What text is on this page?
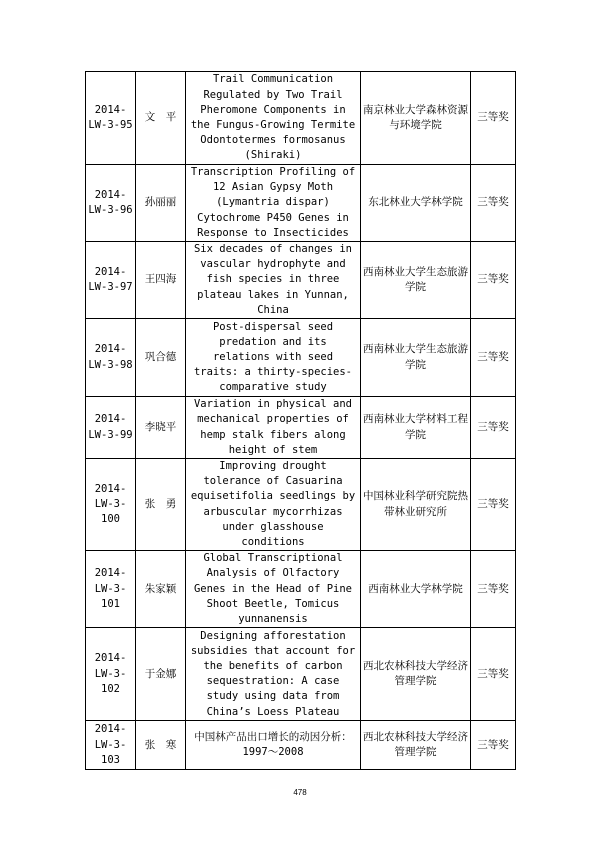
2014-LW-3-95	文　平	Trail Communication Regulated by Two Trail Pheromone Components in the Fungus-Growing Termite Odontotermes formosanus (Shiraki)	南京林业大学森林资源与环境学院	三等奖
2014-LW-3-96	孙丽丽	Transcription Profiling of 12 Asian Gypsy Moth (Lymantria dispar) Cytochrome P450 Genes in Response to Insecticides	东北林业大学林学院	三等奖
2014-LW-3-97	王四海	Six decades of changes in vascular hydrophyte and fish species in three plateau lakes in Yunnan, China	西南林业大学生态旅游学院	三等奖
2014-LW-3-98	巩合德	Post-dispersal seed predation and its relations with seed traits: a thirty-species-comparative study	西南林业大学生态旅游学院	三等奖
2014-LW-3-99	李晓平	Variation in physical and mechanical properties of hemp stalk fibers along height of stem	西南林业大学材料工程学院	三等奖
2014-LW-3-100	张　勇	Improving drought tolerance of Casuarina equisetifolia seedlings by arbuscular mycorrhizas under glasshouse conditions	中国林业科学研究院热带林业研究所	三等奖
2014-LW-3-101	朱家颖	Global Transcriptional Analysis of Olfactory Genes in the Head of Pine Shoot Beetle, Tomicus yunnanensis	西南林业大学林学院	三等奖
2014-LW-3-102	于金娜	Designing afforestation subsidies that account for the benefits of carbon sequestration: A case study using data from China’s Loess Plateau	西北农林科技大学经济管理学院	三等奖
2014-LW-3-103	张　寒	中国林产品出口增长的动因分析：1997～2008	西北农林科技大学经济管理学院	三等奖
478
